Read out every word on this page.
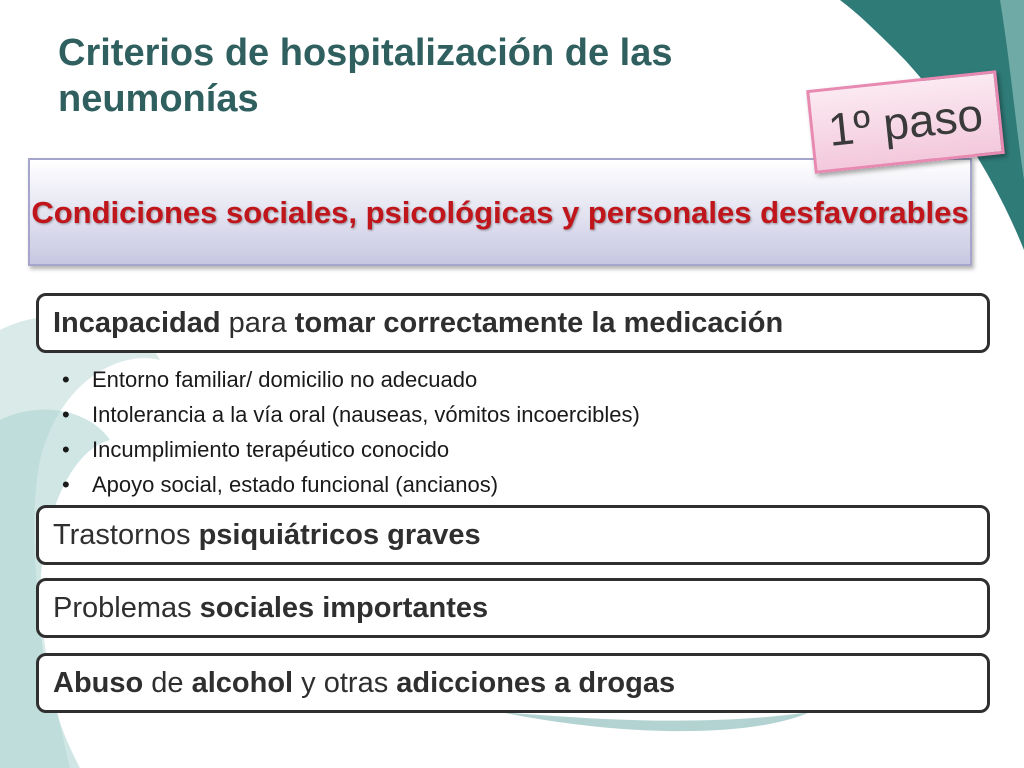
Criterios de hospitalización de las neumonías	1º paso
Condiciones sociales, psicológicas y personales desfavorables
Incapacidad para tomar correctamente la medicación
• Entorno familiar/ domicilio no adecuado
• Intolerancia a la vía oral (nauseas, vómitos incoercibles)
• Incumplimiento terapéutico conocido
• Apoyo social, estado funcional (ancianos)
Trastornos psiquiátricos graves
Problemas sociales importantes
Abuso de alcohol y otras adicciones a drogas
